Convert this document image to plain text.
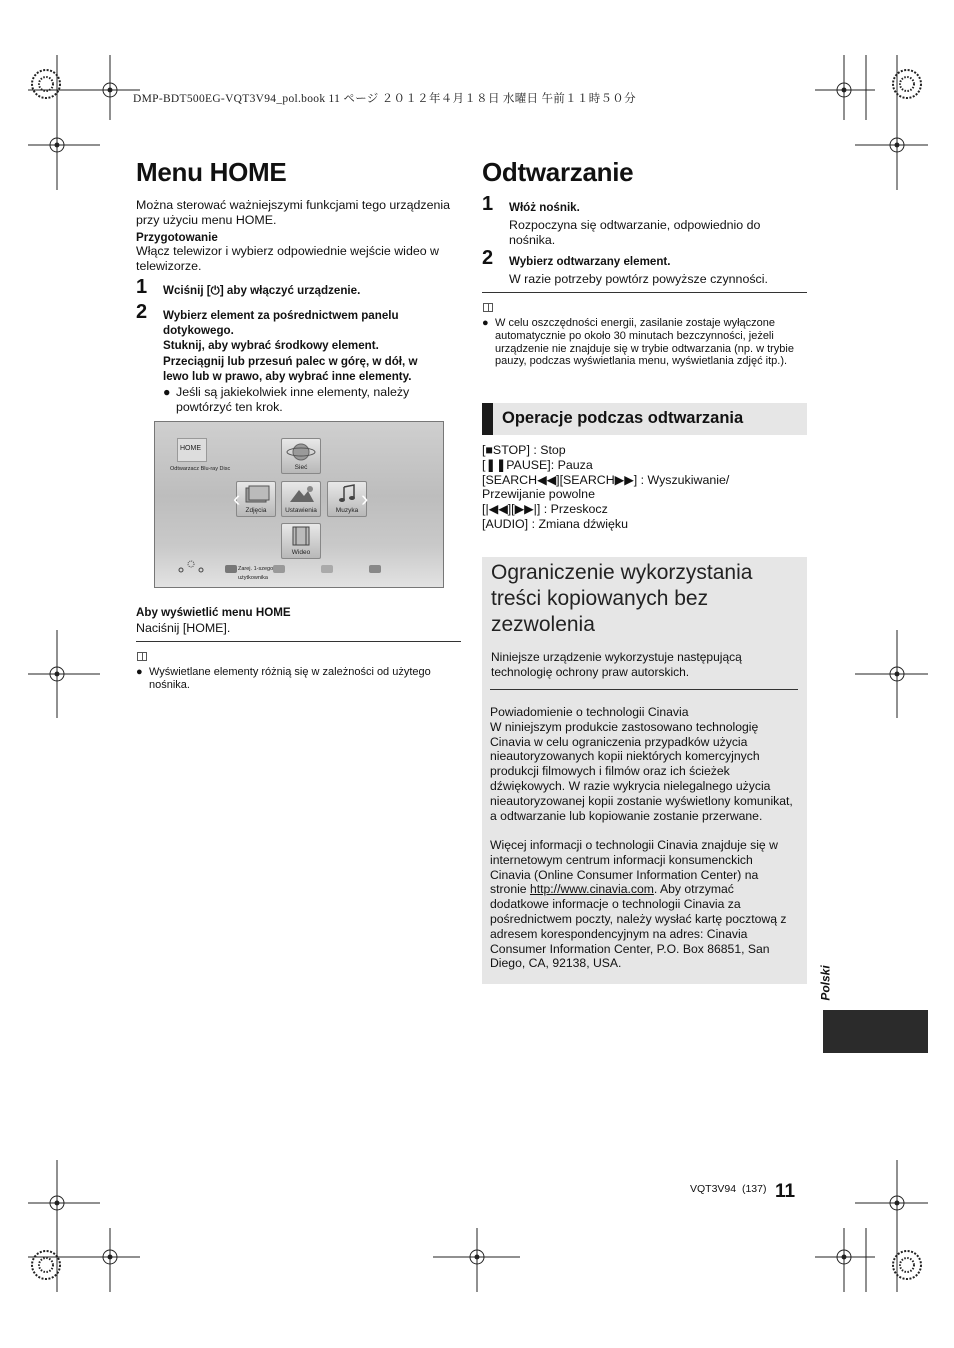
DMP-BDT500EG-VQT3V94_pol.book 11 ページ ２０１２年４月１８日 水曜日 午前１１時５０分
Menu HOME
Można sterować ważniejszymi funkcjami tego urządzenia przy użyciu menu HOME.
Przygotowanie
Włącz telewizor i wybierz odpowiednie wejście wideo w telewizorze.
1 Wciśnij [⏻] aby włączyć urządzenie.
2 Wybierz element za pośrednictwem panelu
dotykowego.
Stuknij, aby wybrać środkowy element.
Przeciągnij lub przesuń palec w górę, w dół, w
lewo lub w prawo, aby wybrać inne elementy.
● Jeśli są jakiekolwiek inne elementy, należy powtórzyć ten krok.
HOME
Odtwarzacz Blu-ray Disc	Sieć
Zdjęcia	Ustawienia	Muzyka
Wideo
‹	›
Zarej. 1-szego użytkownika
Aby wyświetlić menu HOME
Naciśnij [HOME].
● Wyświetlane elementy różnią się w zależności od użytego nośnika.
Odtwarzanie
1 Włóż nośnik.
Rozpoczyna się odtwarzanie, odpowiednio do nośnika.
2 Wybierz odtwarzany element.
W razie potrzeby powtórz powyższe czynności.
● W celu oszczędności energii, zasilanie zostaje wyłączone automatycznie po około 30 minutach bezczynności, jeżeli urządzenie nie znajduje się w trybie odtwarzania (np. w trybie pauzy, podczas wyświetlania menu, wyświetlania zdjęć itp.).
Operacje podczas odtwarzania
[■STOP] : Stop
[❚❚PAUSE]: Pauza
[SEARCH◀◀][SEARCH▶▶] : Wyszukiwanie/
Przewijanie powolne
[|◀◀][▶▶|] : Przeskocz
[AUDIO] : Zmiana dźwięku
Ograniczenie wykorzystania treści kopiowanych bez zezwolenia
Niniejsze urządzenie wykorzystuje następującą technologię ochrony praw autorskich.
Powiadomienie o technologii Cinavia
W niniejszym produkcie zastosowano technologię Cinavia w celu ograniczenia przypadków użycia nieautoryzowanych kopii niektórych komercyjnych produkcji filmowych i filmów oraz ich ścieżek dźwiękowych. W razie wykrycia nielegalnego użycia nieautoryzowanej kopii zostanie wyświetlony komunikat, a odtwarzanie lub kopiowanie zostanie przerwane.
Więcej informacji o technologii Cinavia znajduje się w internetowym centrum informacji konsumenckich Cinavia (Online Consumer Information Center) na stronie http://www.cinavia.com. Aby otrzymać dodatkowe informacje o technologii Cinavia za pośrednictwem poczty, należy wysłać kartę pocztową z adresem korespondencyjnym na adres: Cinavia Consumer Information Center, P.O. Box 86851, San Diego, CA, 92138, USA.
Polski
VQT3V94 (137) 11
